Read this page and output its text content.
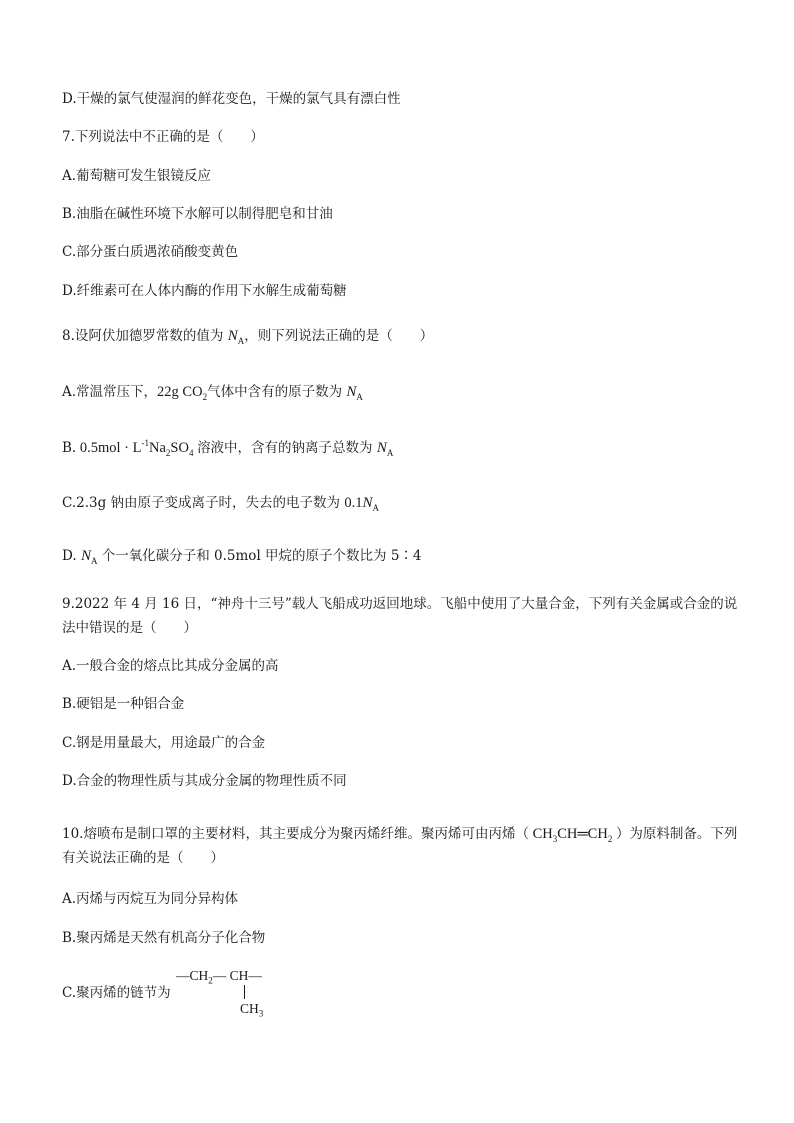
D.干燥的氯气使湿润的鲜花变色，干燥的氯气具有漂白性
7.下列说法中不正确的是（　　）
A.葡萄糖可发生银镜反应
B.油脂在碱性环境下水解可以制得肥皂和甘油
C.部分蛋白质遇浓硝酸变黄色
D.纤维素可在人体内酶的作用下水解生成葡萄糖
8.设阿伏加德罗常数的值为 $N_A$，则下列说法正确的是（　　）
A.常温常压下，22g $CO_2$气体中含有的原子数为 $N_A$
B. $0.5mol \cdot L^{-1}Na_2SO_4$ 溶液中，含有的钠离子总数为 $N_A$
C.2.3g 钠由原子变成离子时，失去的电子数为 $0.1N_A$
D. $N_A$ 个一氧化碳分子和 0.5mol 甲烷的原子个数比为 5∶4
9.2022 年 4 月 16 日，“神舟十三号”载人飞船成功返回地球。飞船中使用了大量合金，下列有关金属或合金的说法中错误的是（　　）
A.一般合金的熔点比其成分金属的高
B.硬铝是一种铝合金
C.钢是用量最大，用途最广的合金
D.合金的物理性质与其成分金属的物理性质不同
10.熔喷布是制口罩的主要材料，其主要成分为聚丙烯纤维。聚丙烯可由丙烯（ $CH_3CH═CH_2$ ）为原料制备。下列有关说法正确的是（　　）
A.丙烯与丙烷互为同分异构体
B.聚丙烯是天然有机高分子化合物
C.聚丙烯的链节为
$—CH_2—$ CH—
$CH_3$
